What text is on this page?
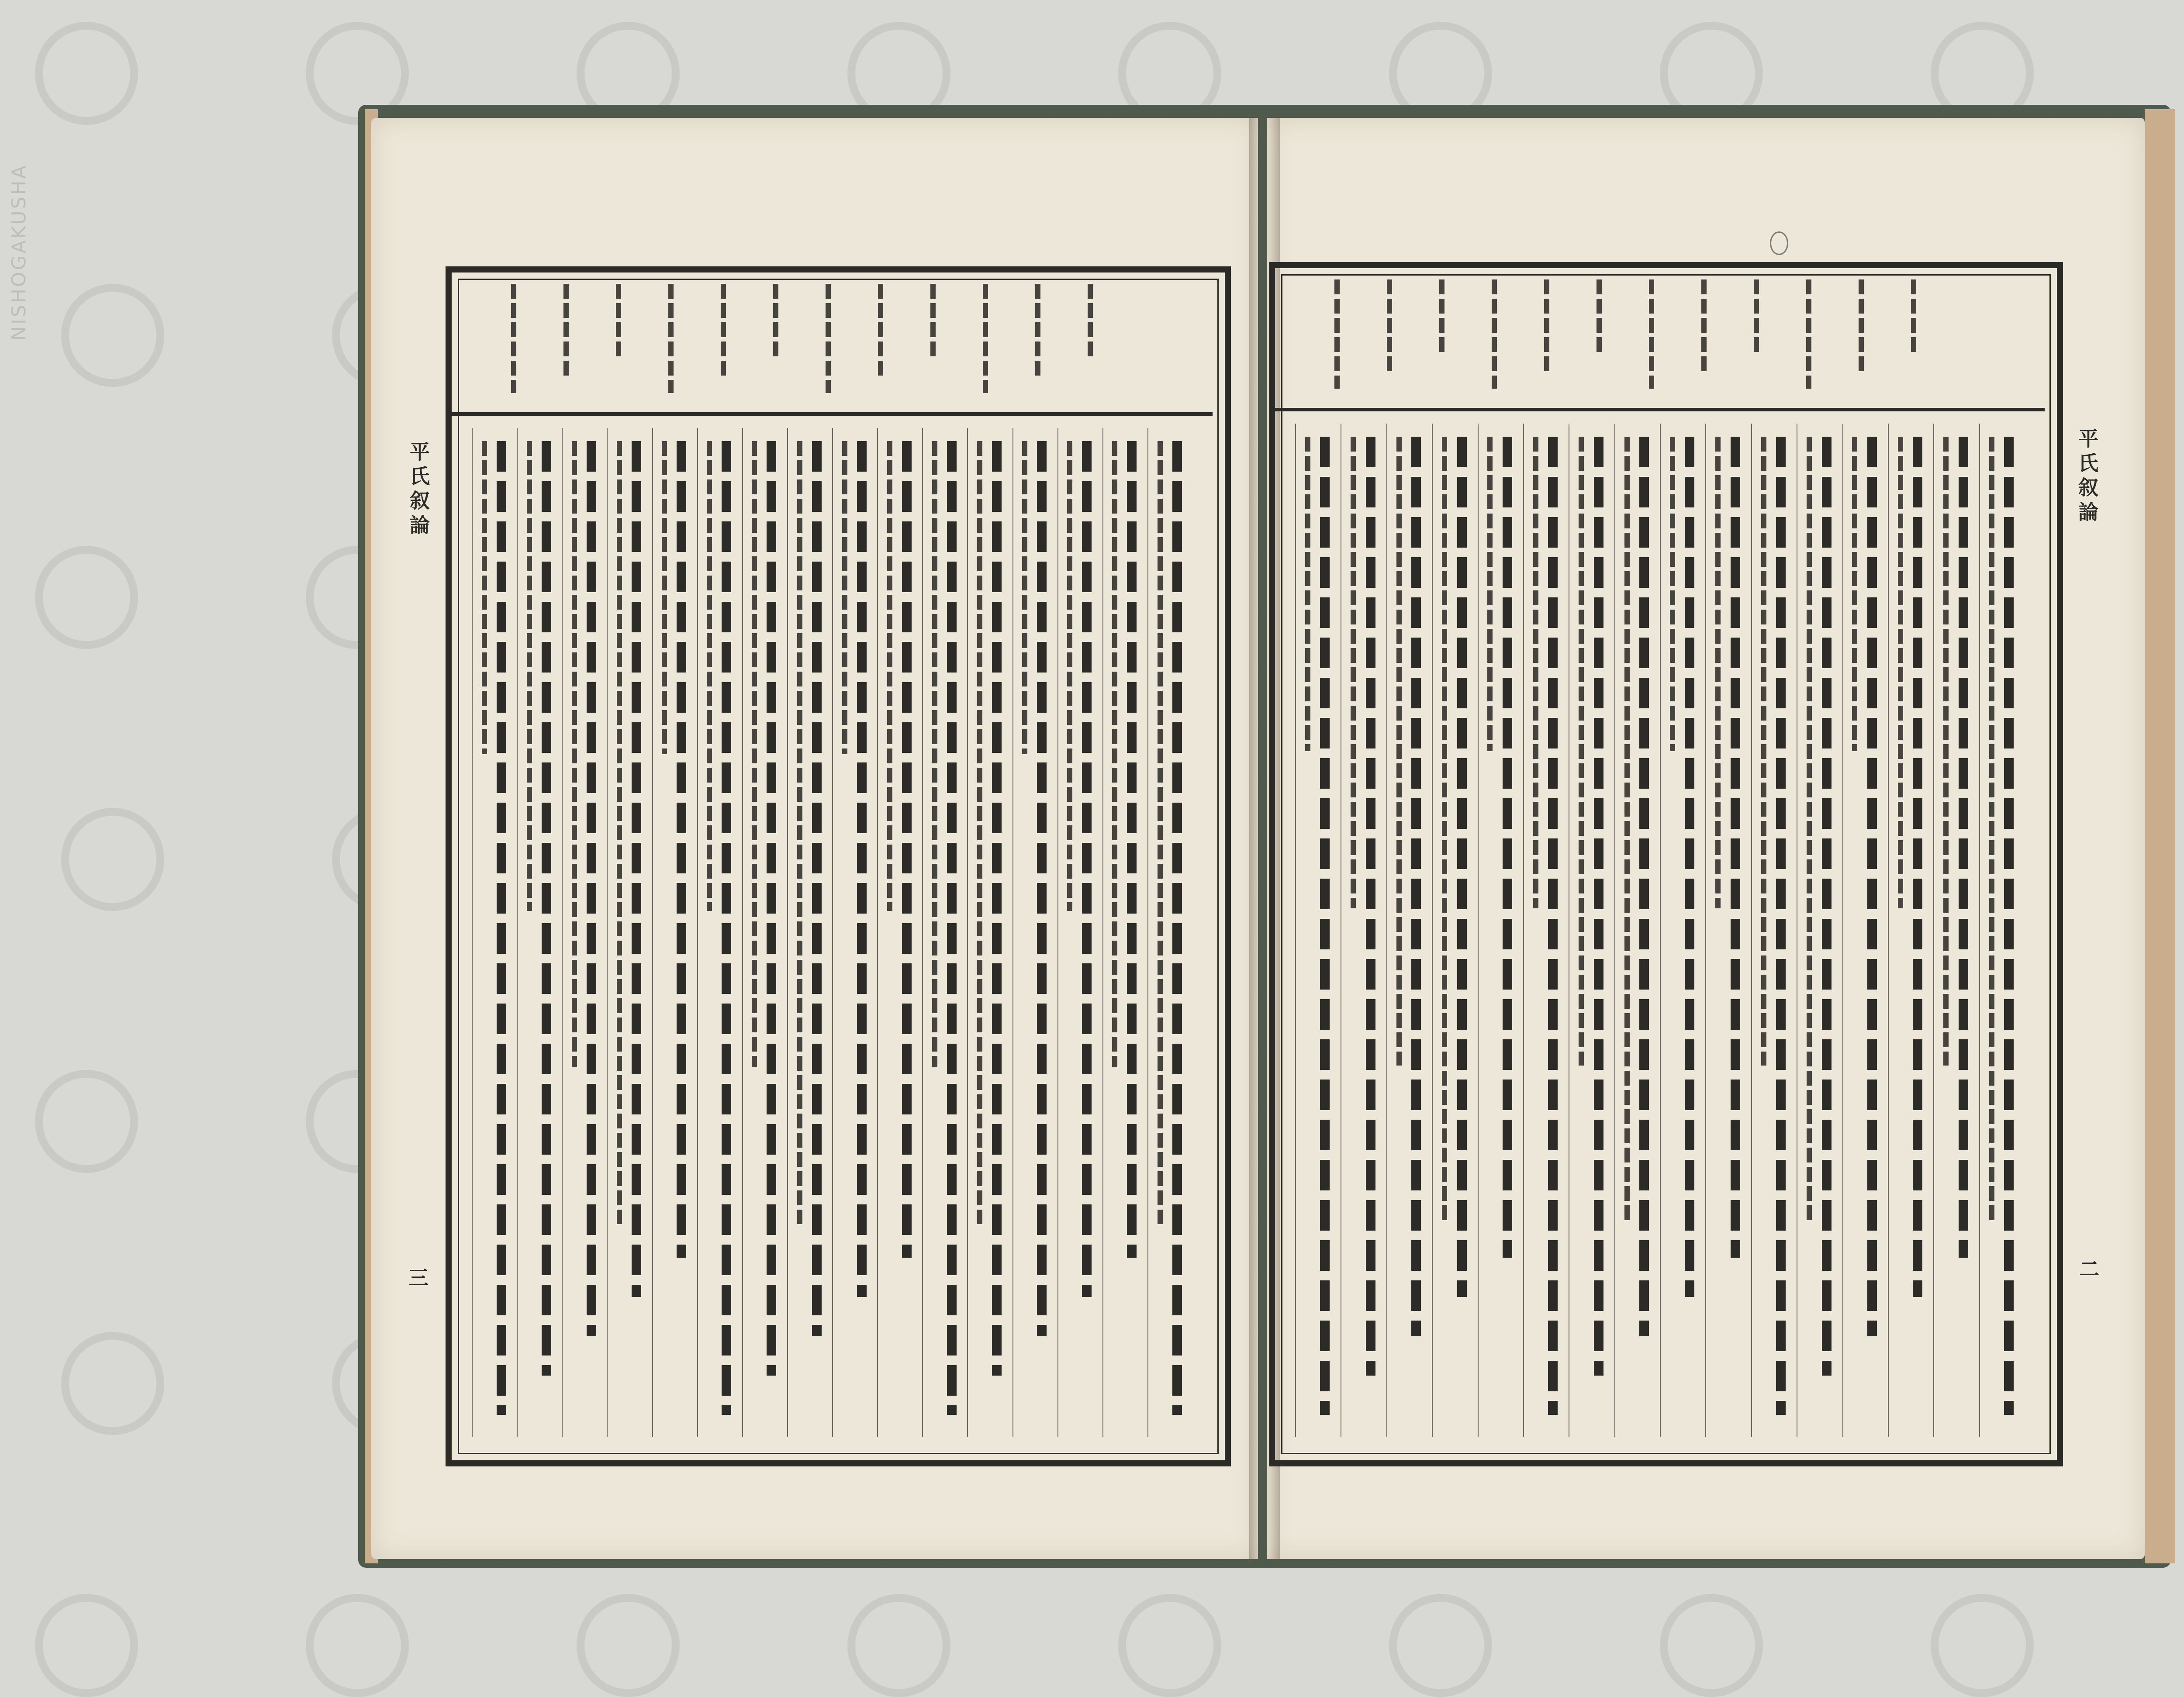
NISHOGAKUSHA
平氏叙論
三
平氏叙論
二
